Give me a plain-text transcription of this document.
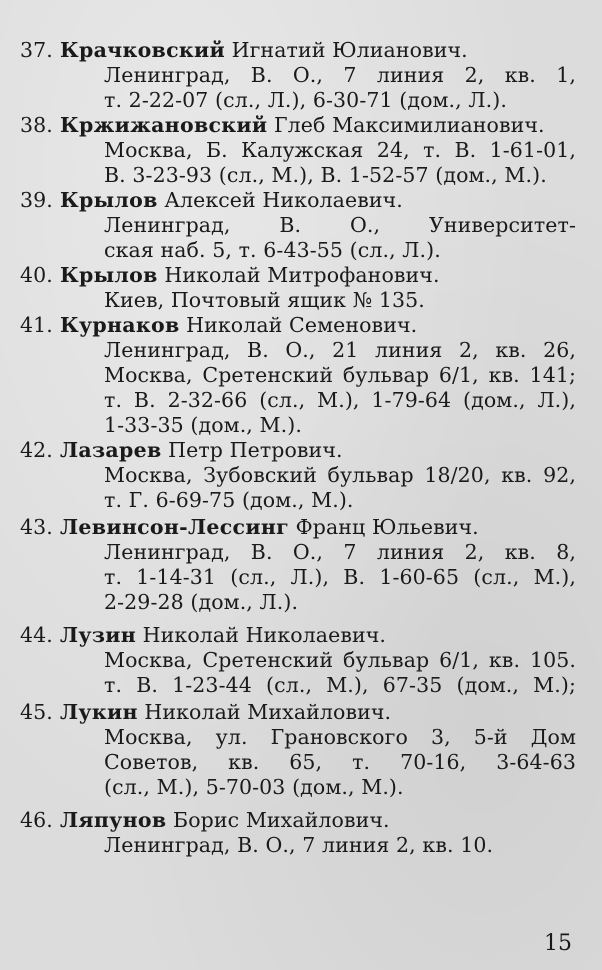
37. Крачковский Игнатий Юлианович.
Ленинград, В. О., 7 линия 2, кв. 1,
т. 2-22-07 (сл., Л.), 6-30-71 (дом., Л.).
38. Кржижановский Глеб Максимилианович.
Москва, Б. Калужская 24, т. В. 1-61-01,
В. 3-23-93 (сл., М.), В. 1-52-57 (дом., М.).
39. Крылов Алексей Николаевич.
Ленинград, В. О., Университет-
ская наб. 5, т. 6-43-55 (сл., Л.).
40. Крылов Николай Митрофанович.
Киев, Почтовый ящик № 135.
41. Курнаков Николай Семенович.
Ленинград, В. О., 21 линия 2, кв. 26,
Москва, Сретенский бульвар 6/1, кв. 141;
т. В. 2-32-66 (сл., М.), 1-79-64 (дом., Л.),
1-33-35 (дом., М.).
42. Лазарев Петр Петрович.
Москва, Зубовский бульвар 18/20, кв. 92,
т. Г. 6-69-75 (дом., М.).
43. Левинсон-Лессинг Франц Юльевич.
Ленинград, В. О., 7 линия 2, кв. 8,
т. 1-14-31 (сл., Л.), В. 1-60-65 (сл., М.),
2-29-28 (дом., Л.).
44. Лузин Николай Николаевич.
Москва, Сретенский бульвар 6/1, кв. 105.
т. В. 1-23-44 (сл., М.), 67-35 (дом., М.);
45. Лукин Николай Михайлович.
Москва, ул. Грановского 3, 5-й Дом
Советов, кв. 65, т. 70-16, 3-64-63
(сл., М.), 5-70-03 (дом., М.).
46. Ляпунов Борис Михайлович.
Ленинград, В. О., 7 линия 2, кв. 10.
15
